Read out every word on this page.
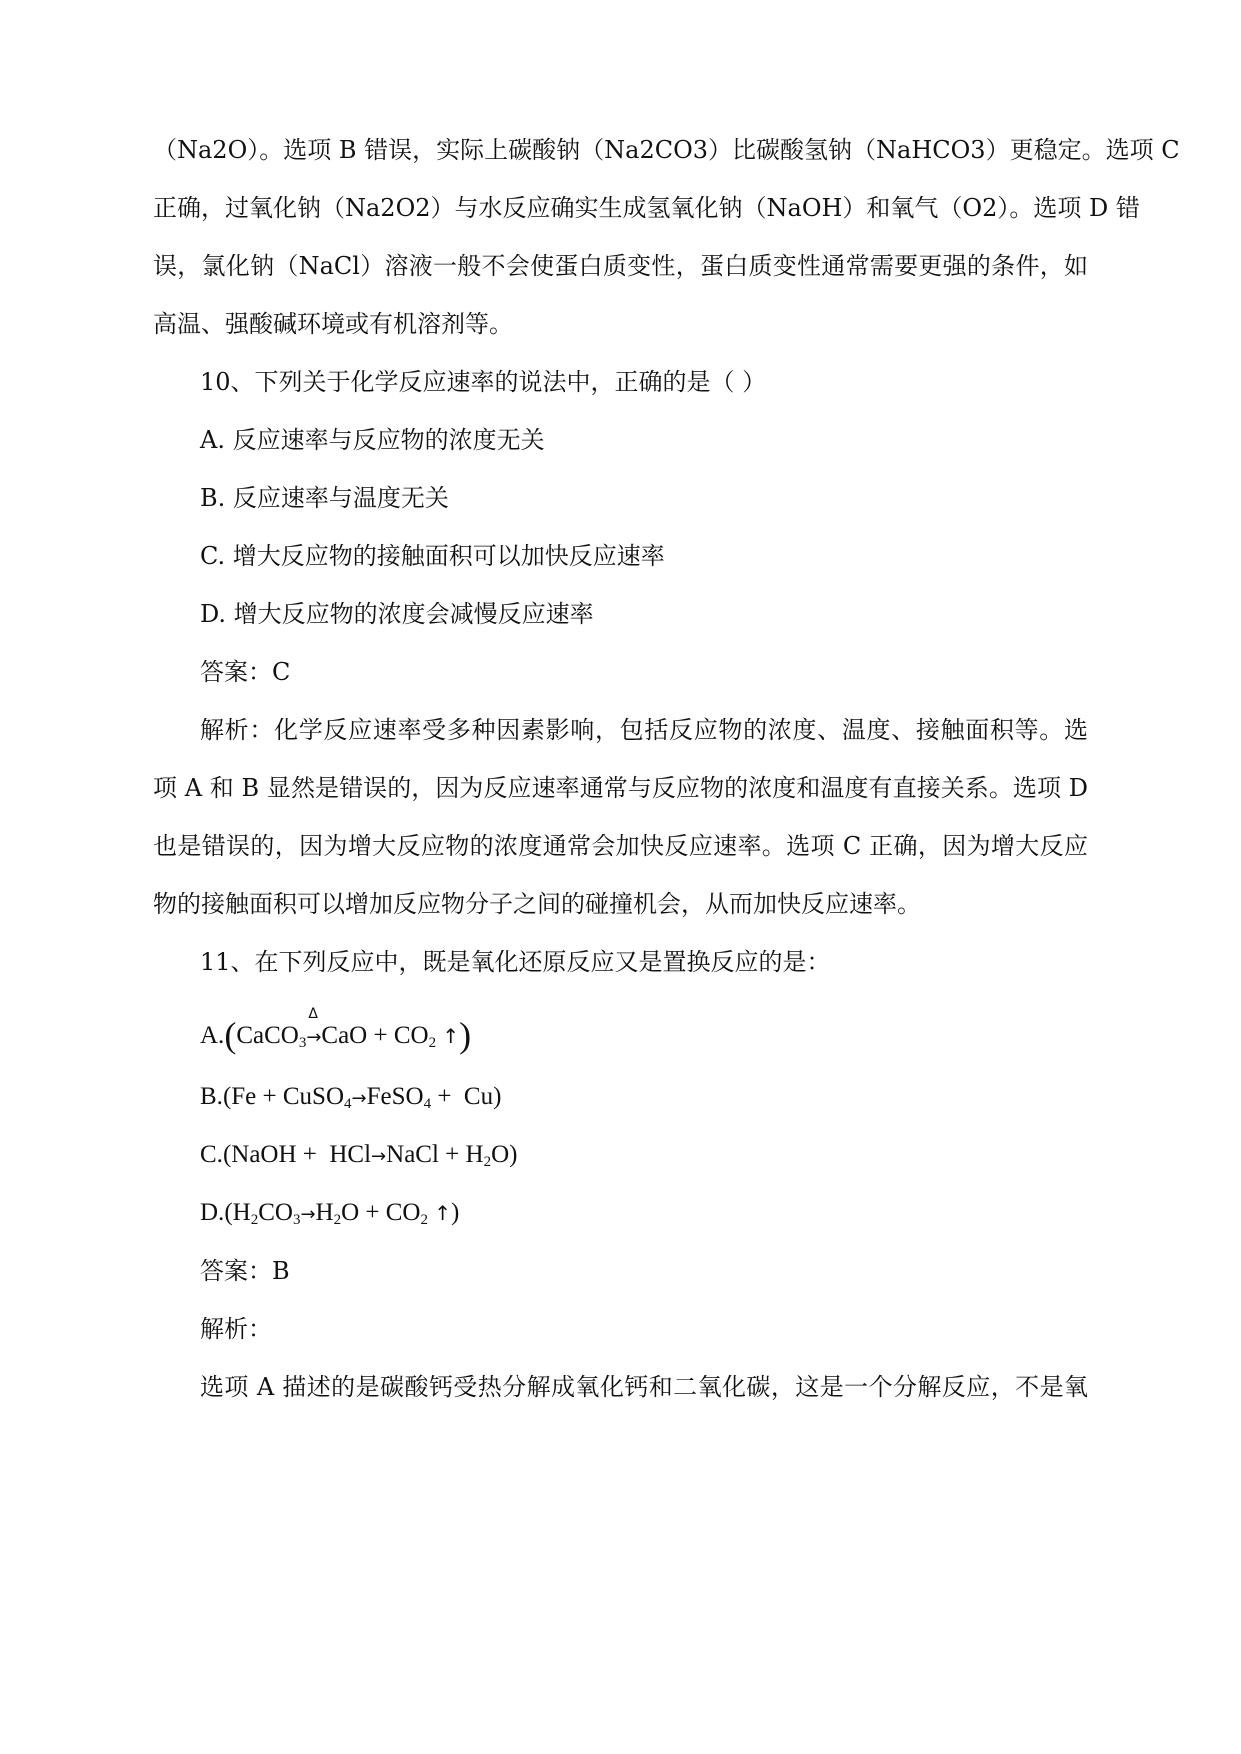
（Na2O）。选项 B 错误，实际上碳酸钠（Na2CO3）比碳酸氢钠（NaHCO3）更稳定。选项 C
正确，过氧化钠（Na2O2）与水反应确实生成氢氧化钠（NaOH）和氧气（O2）。选项 D 错
误，氯化钠（NaCl）溶液一般不会使蛋白质变性，蛋白质变性通常需要更强的条件，如
高温、强酸碱环境或有机溶剂等。
10、下列关于化学反应速率的说法中，正确的是（ ）
A. 反应速率与反应物的浓度无关
B. 反应速率与温度无关
C. 增大反应物的接触面积可以加快反应速率
D. 增大反应物的浓度会减慢反应速率
答案：C
解析：化学反应速率受多种因素影响，包括反应物的浓度、温度、接触面积等。选
项 A 和 B 显然是错误的，因为反应速率通常与反应物的浓度和温度有直接关系。选项 D
也是错误的，因为增大反应物的浓度通常会加快反应速率。选项 C 正确，因为增大反应
物的接触面积可以增加反应物分子之间的碰撞机会，从而加快反应速率。
11、在下列反应中，既是氧化还原反应又是置换反应的是：
A.(CaCO$_3$
Δ
$\to CaO + CO_2$ ↑)
B.(Fe + CuSO$_4$→FeSO$_4$ +  Cu)
C.(NaOH +  HCl→NaCl + $H_2O$)
$D.(H_2CO_3\to H_2O + CO_2$ ↑)
答案：B
解析：
选项 A 描述的是碳酸钙受热分解成氧化钙和二氧化碳，这是一个分解反应，不是氧
